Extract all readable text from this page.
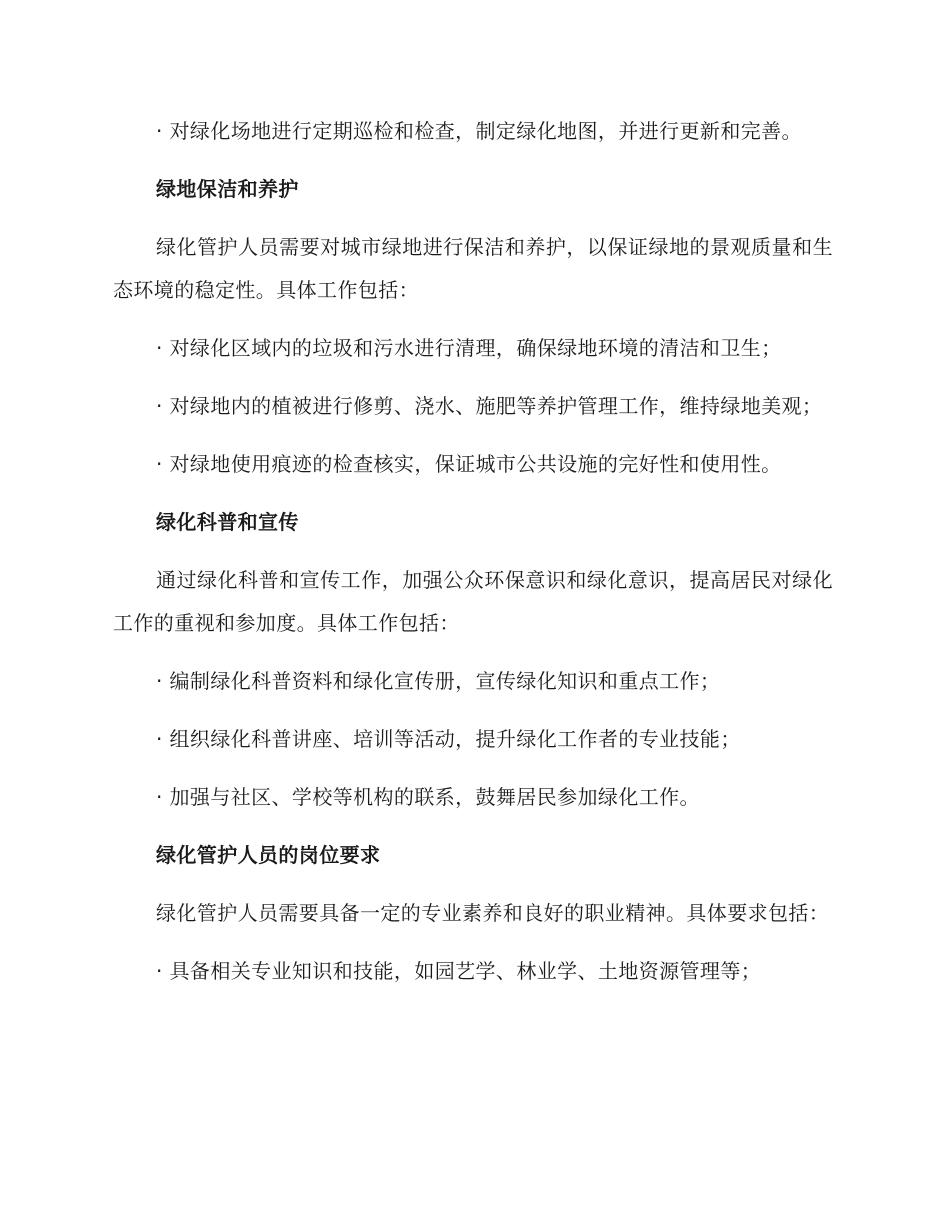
· 对绿化场地进行定期巡检和检查，制定绿化地图，并进行更新和完善。

绿地保洁和养护

绿化管护人员需要对城市绿地进行保洁和养护，以保证绿地的景观质量和生态环境的稳定性。具体工作包括：

· 对绿化区域内的垃圾和污水进行清理，确保绿地环境的清洁和卫生；

· 对绿地内的植被进行修剪、浇水、施肥等养护管理工作，维持绿地美观；

· 对绿地使用痕迹的检查核实，保证城市公共设施的完好性和使用性。

绿化科普和宣传

通过绿化科普和宣传工作，加强公众环保意识和绿化意识，提高居民对绿化工作的重视和参加度。具体工作包括：

· 编制绿化科普资料和绿化宣传册，宣传绿化知识和重点工作；

· 组织绿化科普讲座、培训等活动，提升绿化工作者的专业技能；

· 加强与社区、学校等机构的联系，鼓舞居民参加绿化工作。

绿化管护人员的岗位要求

绿化管护人员需要具备一定的专业素养和良好的职业精神。具体要求包括：

· 具备相关专业知识和技能，如园艺学、林业学、土地资源管理等；
